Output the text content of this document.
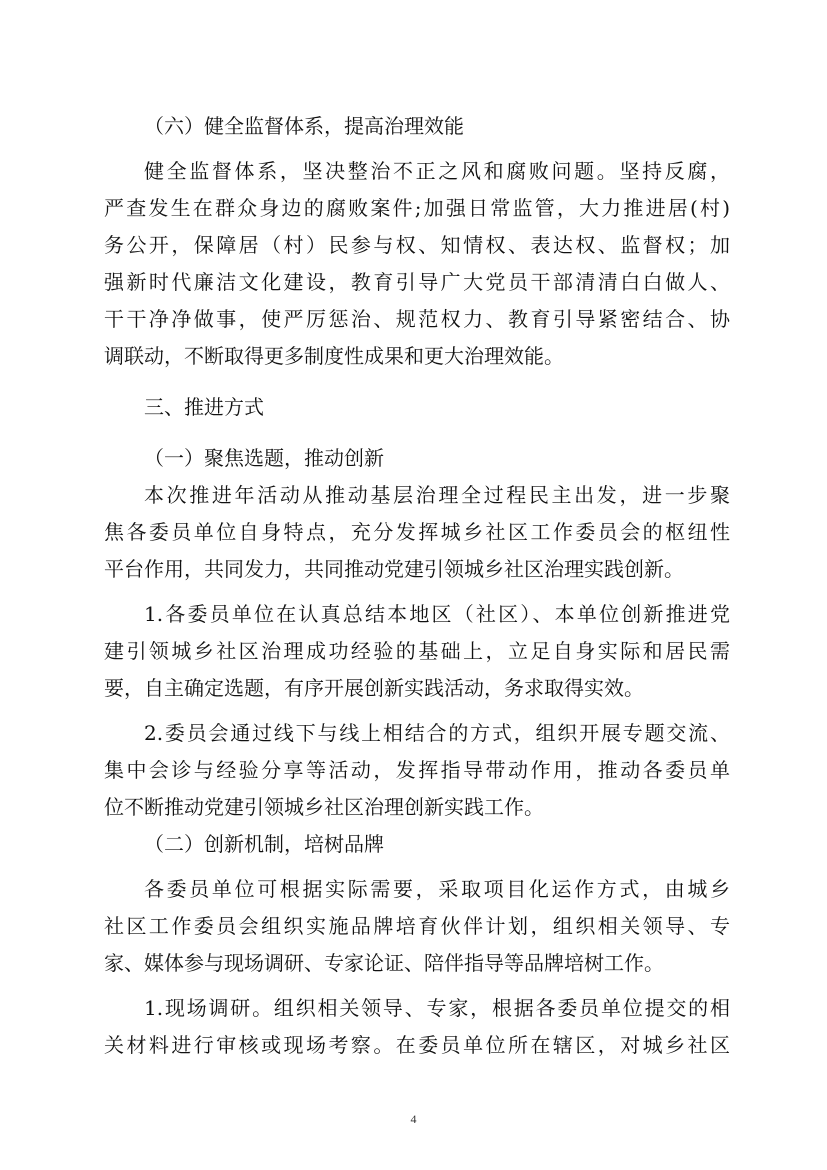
（六）健全监督体系，提高治理效能
健全监督体系，坚决整治不正之风和腐败问题。坚持反腐，
严查发生在群众身边的腐败案件;加强日常监管，大力推进居(村)
务公开，保障居（村）民参与权、知情权、表达权、监督权；加
强新时代廉洁文化建设，教育引导广大党员干部清清白白做人、
干干净净做事，使严厉惩治、规范权力、教育引导紧密结合、协
调联动，不断取得更多制度性成果和更大治理效能。
三、推进方式
（一）聚焦选题，推动创新
本次推进年活动从推动基层治理全过程民主出发，进一步聚
焦各委员单位自身特点，充分发挥城乡社区工作委员会的枢纽性
平台作用，共同发力，共同推动党建引领城乡社区治理实践创新。
1.各委员单位在认真总结本地区（社区）、本单位创新推进党
建引领城乡社区治理成功经验的基础上，立足自身实际和居民需
要，自主确定选题，有序开展创新实践活动，务求取得实效。
2.委员会通过线下与线上相结合的方式，组织开展专题交流、
集中会诊与经验分享等活动，发挥指导带动作用，推动各委员单
位不断推动党建引领城乡社区治理创新实践工作。
（二）创新机制，培树品牌
各委员单位可根据实际需要，采取项目化运作方式，由城乡
社区工作委员会组织实施品牌培育伙伴计划，组织相关领导、专
家、媒体参与现场调研、专家论证、陪伴指导等品牌培树工作。
1.现场调研。组织相关领导、专家，根据各委员单位提交的相
关材料进行审核或现场考察。在委员单位所在辖区，对城乡社区
4
